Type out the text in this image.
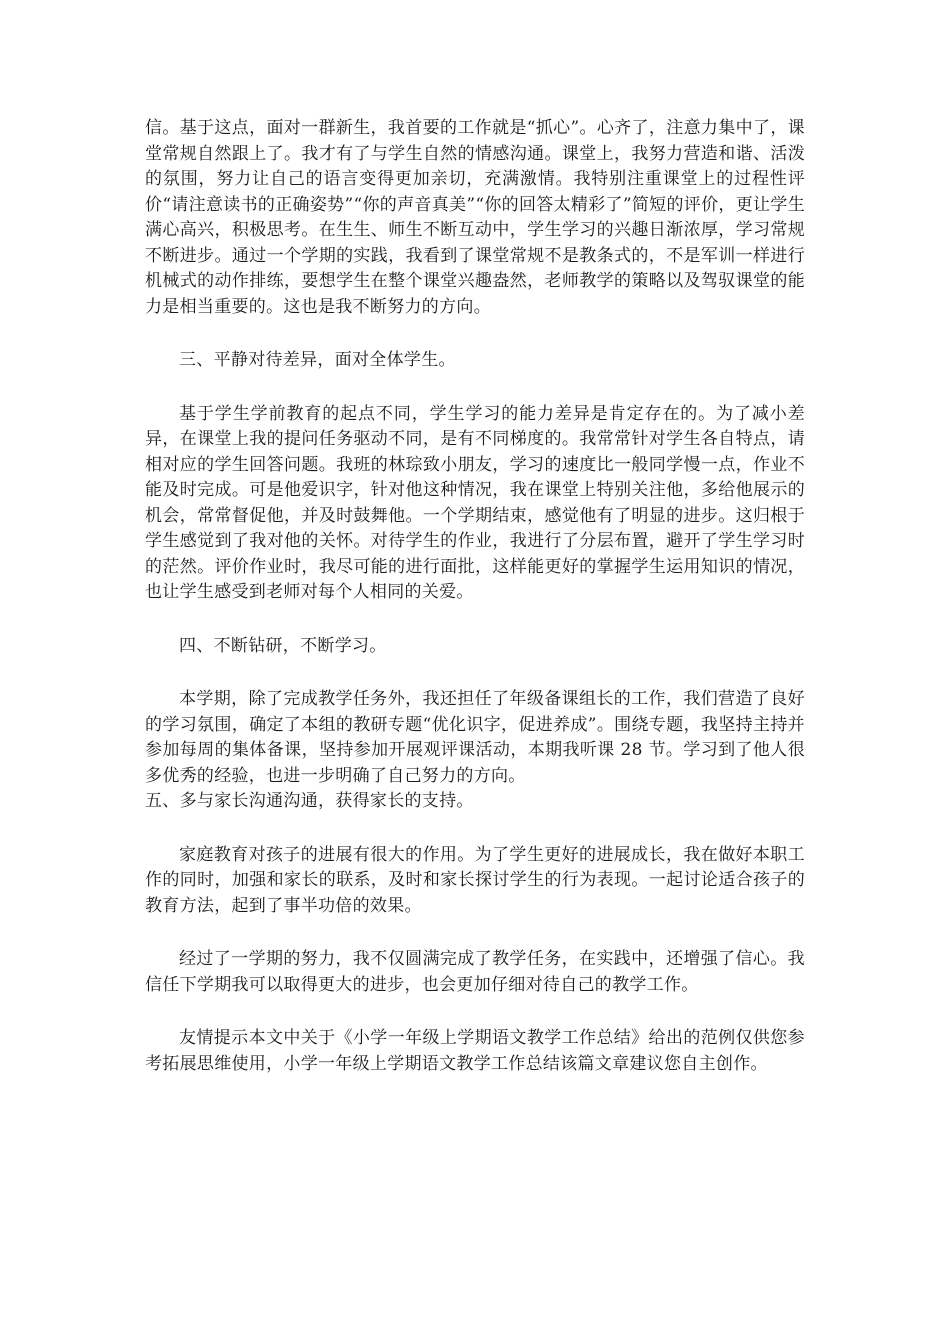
信。基于这点，面对一群新生，我首要的工作就是“抓心”。心齐了，注意力集中了，课堂常规自然跟上了。我才有了与学生自然的情感沟通。课堂上，我努力营造和谐、活泼的氛围，努力让自己的语言变得更加亲切，充满激情。我特别注重课堂上的过程性评价“请注意读书的正确姿势”“你的声音真美”“你的回答太精彩了”简短的评价，更让学生满心高兴，积极思考。在生生、师生不断互动中，学生学习的兴趣日渐浓厚，学习常规不断进步。通过一个学期的实践，我看到了课堂常规不是教条式的，不是军训一样进行机械式的动作排练，要想学生在整个课堂兴趣盎然，老师教学的策略以及驾驭课堂的能力是相当重要的。这也是我不断努力的方向。

三、平静对待差异，面对全体学生。

基于学生学前教育的起点不同，学生学习的能力差异是肯定存在的。为了减小差异，在课堂上我的提问任务驱动不同，是有不同梯度的。我常常针对学生各自特点，请相对应的学生回答问题。我班的林琮致小朋友，学习的速度比一般同学慢一点，作业不能及时完成。可是他爱识字，针对他这种情况，我在课堂上特别关注他，多给他展示的机会，常常督促他，并及时鼓舞他。一个学期结束，感觉他有了明显的进步。这归根于学生感觉到了我对他的关怀。对待学生的作业，我进行了分层布置，避开了学生学习时的茫然。评价作业时，我尽可能的进行面批，这样能更好的掌握学生运用知识的情况，也让学生感受到老师对每个人相同的关爱。

四、不断钻研，不断学习。

本学期，除了完成教学任务外，我还担任了年级备课组长的工作，我们营造了良好的学习氛围，确定了本组的教研专题“优化识字，促进养成”。围绕专题，我坚持主持并参加每周的集体备课，坚持参加开展观评课活动，本期我听课 28 节。学习到了他人很多优秀的经验，也进一步明确了自己努力的方向。

五、多与家长沟通沟通，获得家长的支持。

家庭教育对孩子的进展有很大的作用。为了学生更好的进展成长，我在做好本职工作的同时，加强和家长的联系，及时和家长探讨学生的行为表现。一起讨论适合孩子的教育方法，起到了事半功倍的效果。

经过了一学期的努力，我不仅圆满完成了教学任务，在实践中，还增强了信心。我信任下学期我可以取得更大的进步，也会更加仔细对待自己的教学工作。

友情提示本文中关于《小学一年级上学期语文教学工作总结》给出的范例仅供您参考拓展思维使用，小学一年级上学期语文教学工作总结该篇文章建议您自主创作。
